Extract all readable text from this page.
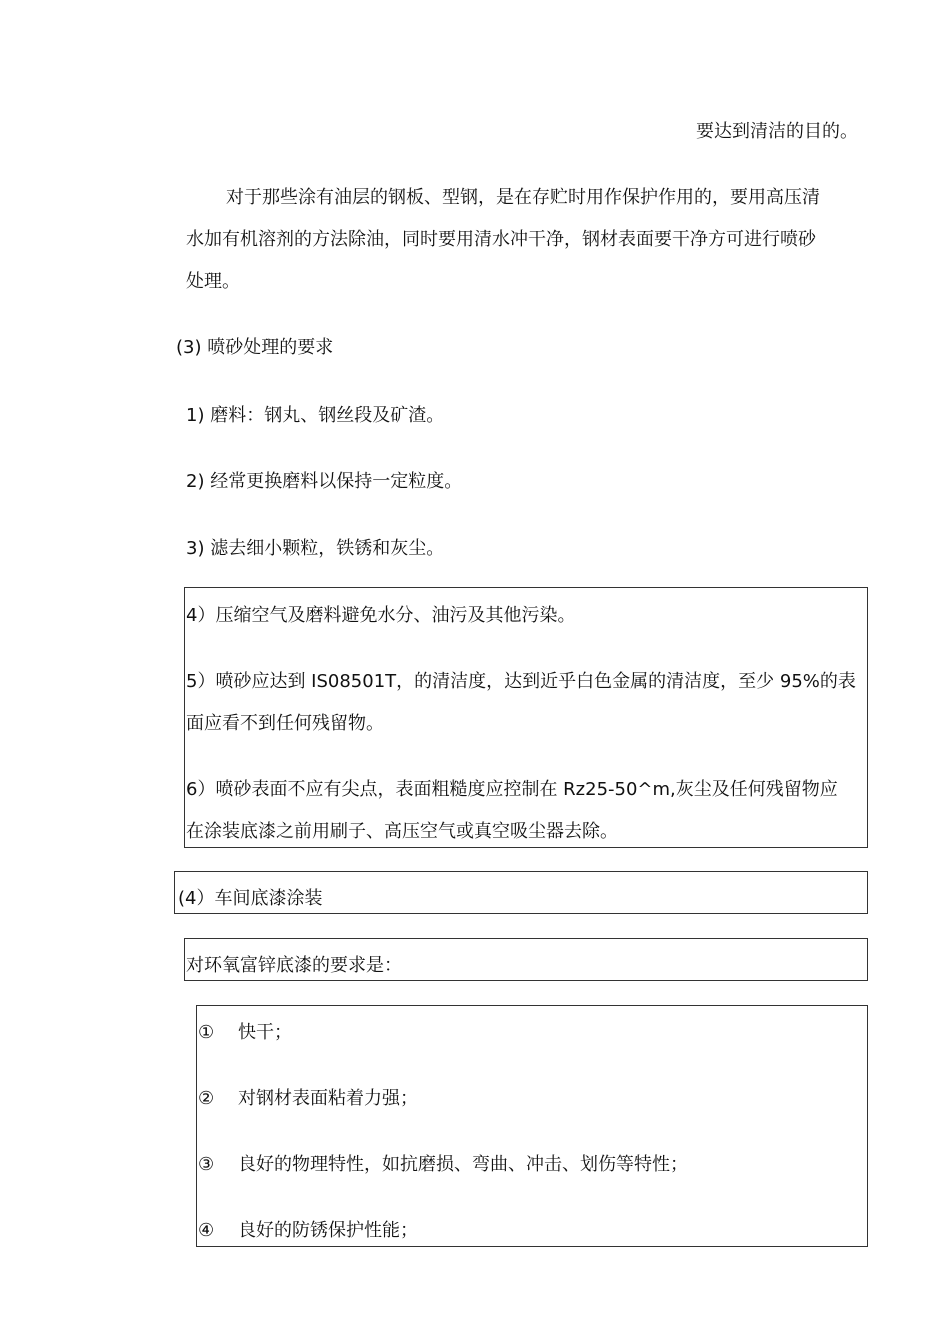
要达到清洁的目的。
对于那些涂有油层的钢板、型钢，是在存贮时用作保护作用的，要用高压清
水加有机溶剂的方法除油，同时要用清水冲干净，钢材表面要干净方可进行喷砂
处理。
(3) 喷砂处理的要求
1) 磨料：钢丸、钢丝段及矿渣。
2) 经常更换磨料以保持一定粒度。
3) 滤去细小颗粒，铁锈和灰尘。
4）压缩空气及磨料避免水分、油污及其他污染。
5）喷砂应达到 IS08501T，的清洁度，达到近乎白色金属的清洁度，至少 95%的表
面应看不到任何残留物。
6）喷砂表面不应有尖点，表面粗糙度应控制在 Rz25-50^m,灰尘及任何残留物应
在涂装底漆之前用刷子、高压空气或真空吸尘器去除。
(4）车间底漆涂装
对环氧富锌底漆的要求是：
① 快干；
② 对钢材表面粘着力强；
③ 良好的物理特性，如抗磨损、弯曲、冲击、划伤等特性；
④ 良好的防锈保护性能；
